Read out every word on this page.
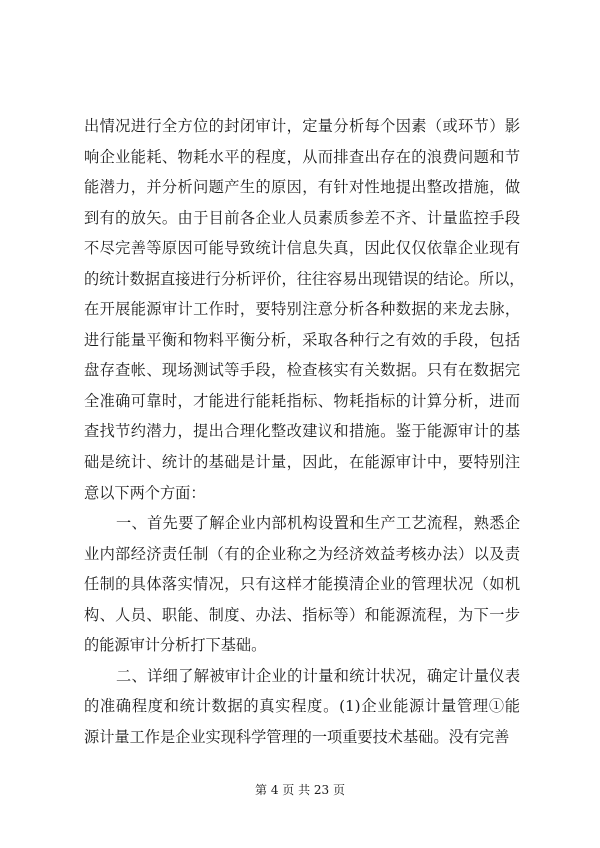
出情况进行全方位的封闭审计，定量分析每个因素（或环节）影
响企业能耗、物耗水平的程度，从而排查出存在的浪费问题和节
能潜力，并分析问题产生的原因，有针对性地提出整改措施，做
到有的放矢。由于目前各企业人员素质参差不齐、计量监控手段
不尽完善等原因可能导致统计信息失真，因此仅仅依靠企业现有
的统计数据直接进行分析评价，往往容易出现错误的结论。所以，
在开展能源审计工作时，要特别注意分析各种数据的来龙去脉，
进行能量平衡和物料平衡分析，采取各种行之有效的手段，包括
盘存查帐、现场测试等手段，检查核实有关数据。只有在数据完
全准确可靠时，才能进行能耗指标、物耗指标的计算分析，进而
查找节约潜力，提出合理化整改建议和措施。鉴于能源审计的基
础是统计、统计的基础是计量，因此，在能源审计中，要特别注
意以下两个方面：
一、首先要了解企业内部机构设置和生产工艺流程，熟悉企
业内部经济责任制（有的企业称之为经济效益考核办法）以及责
任制的具体落实情况，只有这样才能摸清企业的管理状况（如机
构、人员、职能、制度、办法、指标等）和能源流程，为下一步
的能源审计分析打下基础。
二、详细了解被审计企业的计量和统计状况，确定计量仪表
的准确程度和统计数据的真实程度。(1)企业能源计量管理①能
源计量工作是企业实现科学管理的一项重要技术基础。没有完善
第 4 页 共 23 页
